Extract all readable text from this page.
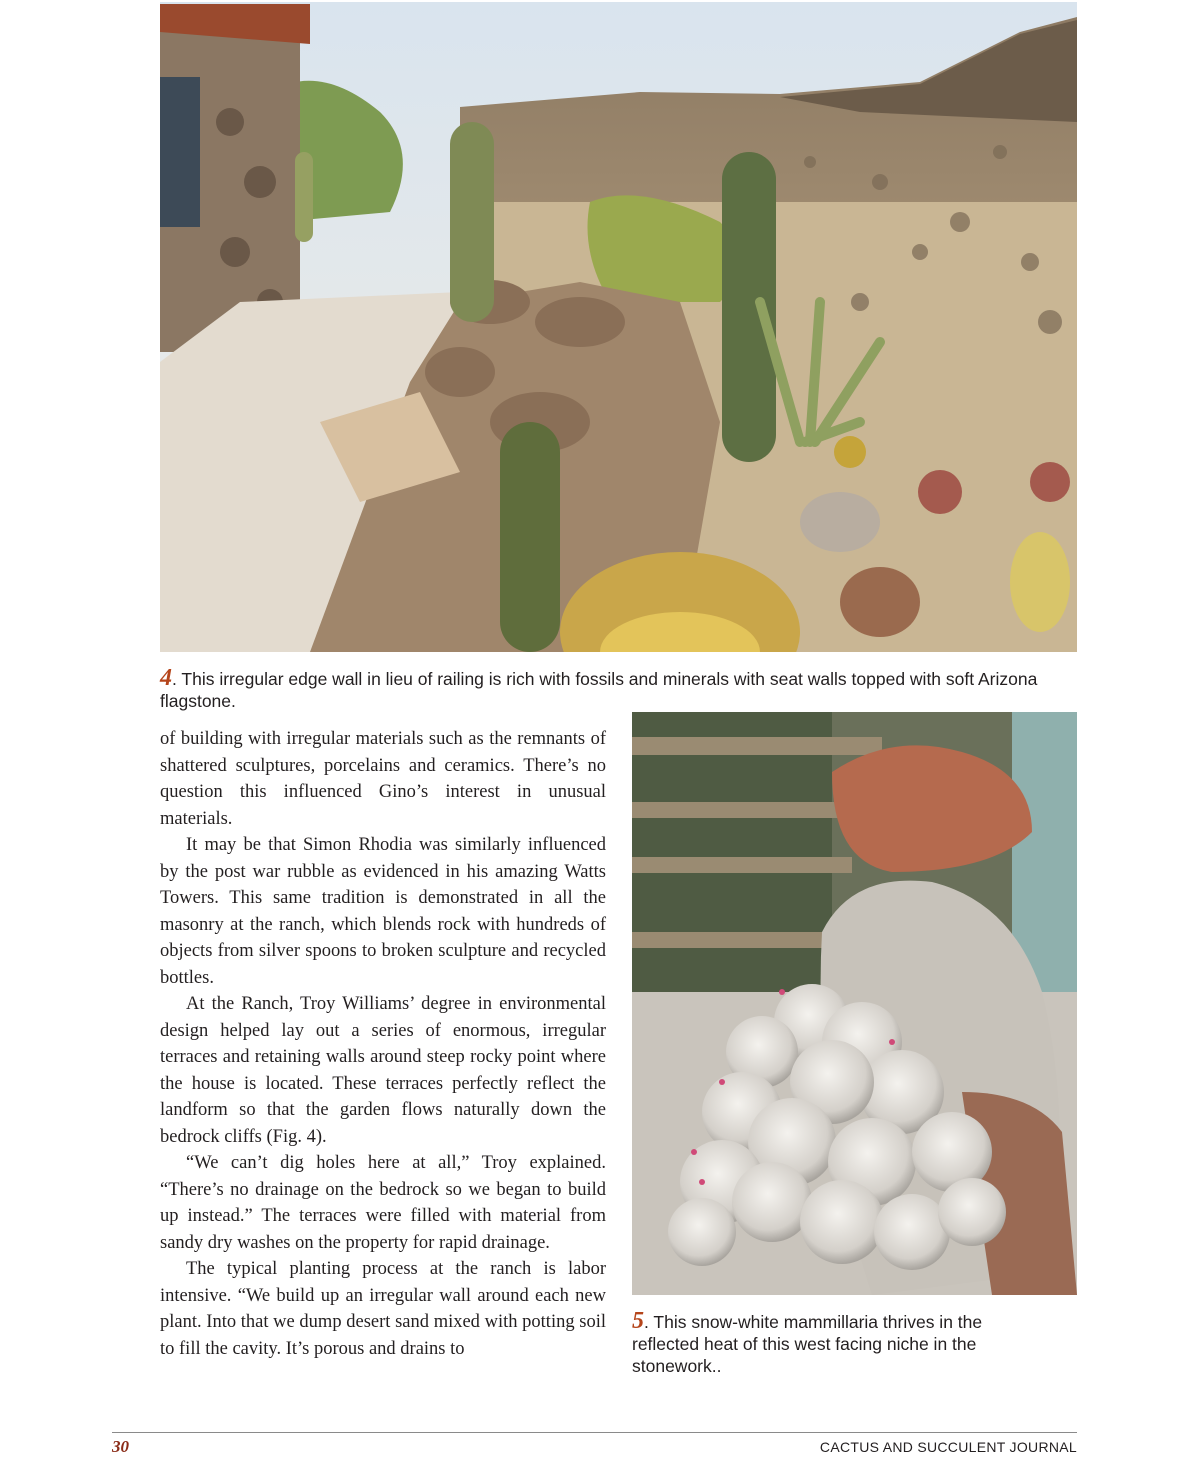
4. This irregular edge wall in lieu of railing is rich with fossils and minerals with seat walls topped with soft Arizona flagstone.
5. This snow-white mammillaria thrives in the reflected heat of this west facing niche in the stonework..

of building with irregular materials such as the remnants of shattered sculptures, porcelains and ceramics. There’s no question this influenced Gino’s interest in unusual materials.

It may be that Simon Rhodia was similarly influenced by the post war rubble as evidenced in his amazing Watts Towers. This same tradition is demonstrated in all the masonry at the ranch, which blends rock with hundreds of objects from silver spoons to broken sculpture and recycled bottles.

At the Ranch, Troy Williams’ degree in environmental design helped lay out a series of enormous, irregular terraces and retaining walls around steep rocky point where the house is located. These terraces perfectly reflect the landform so that the garden flows naturally down the bedrock cliffs (Fig. 4).

“We can’t dig holes here at all,” Troy explained. “There’s no drainage on the bedrock so we began to build up instead.” The terraces were filled with material from sandy dry washes on the property for rapid drainage.

The typical planting process at the ranch is labor intensive. “We build up an irregular wall around each new plant. Into that we dump desert sand mixed with potting soil to fill the cavity. It’s porous and drains to

30	CACTUS AND SUCCULENT JOURNAL
